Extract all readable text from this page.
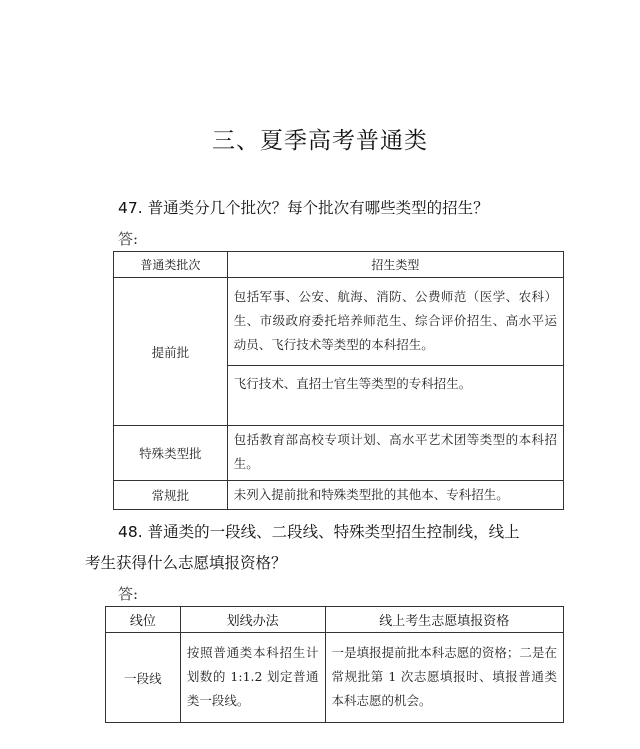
三、夏季高考普通类
47. 普通类分几个批次？每个批次有哪些类型的招生？
答:
普通类批次	招生类型
提前批	包括军事、公安、航海、消防、公费师范（医学、农科）生、市级政府委托培养师范生、综合评价招生、高水平运动员、飞行技术等类型的本科招生。
	飞行技术、直招士官生等类型的专科招生。
特殊类型批	包括教育部高校专项计划、高水平艺术团等类型的本科招生。
常规批	未列入提前批和特殊类型批的其他本、专科招生。
48. 普通类的一段线、二段线、特殊类型招生控制线，线上
考生获得什么志愿填报资格？
答:
线位	划线办法	线上考生志愿填报资格
一段线	按照普通类本科招生计划数的 1:1.2 划定普通类一段线。	一是填报提前批本科志愿的资格；二是在常规批第 1 次志愿填报时、填报普通类本科志愿的机会。
